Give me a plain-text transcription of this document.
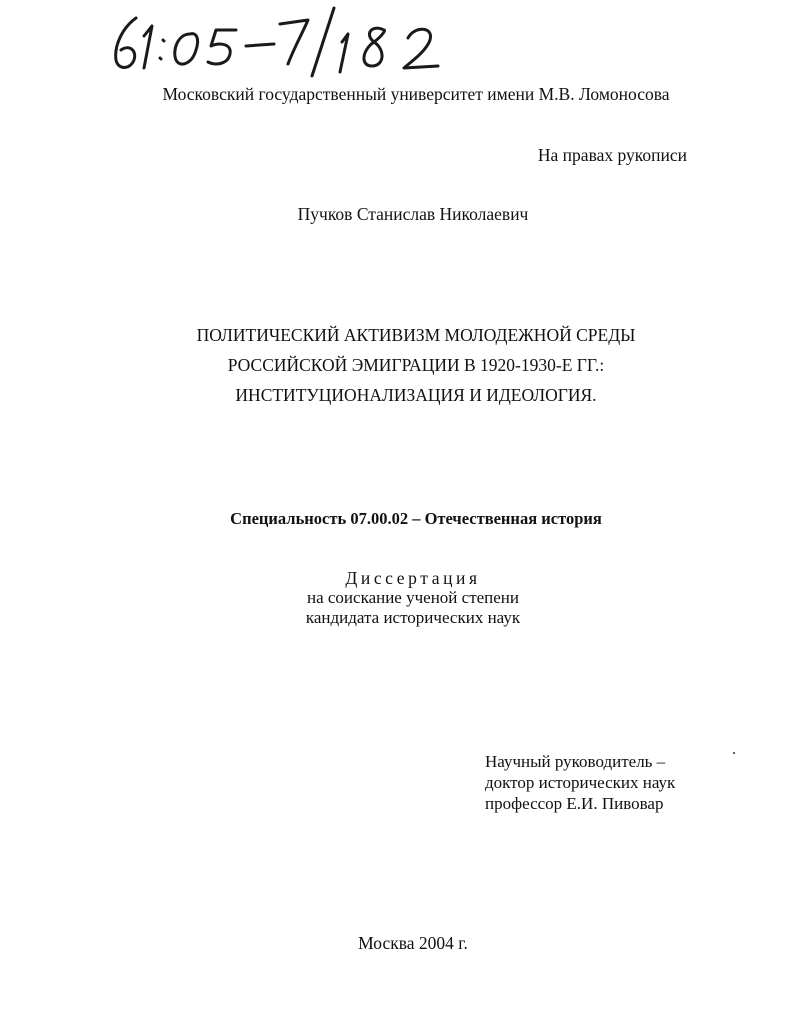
Московский государственный университет имени М.В. Ломоносова
На правах рукописи
Пучков Станислав Николаевич
ПОЛИТИЧЕСКИЙ АКТИВИЗМ МОЛОДЕЖНОЙ СРЕДЫ
РОССИЙСКОЙ ЭМИГРАЦИИ В 1920-1930-Е ГГ.:
ИНСТИТУЦИОНАЛИЗАЦИЯ И ИДЕОЛОГИЯ.
Специальность 07.00.02 – Отечественная история
Диссертация
на соискание ученой степени
кандидата исторических наук
Научный руководитель –
доктор исторических наук
профессор Е.И. Пивовар
Москва 2004 г.
